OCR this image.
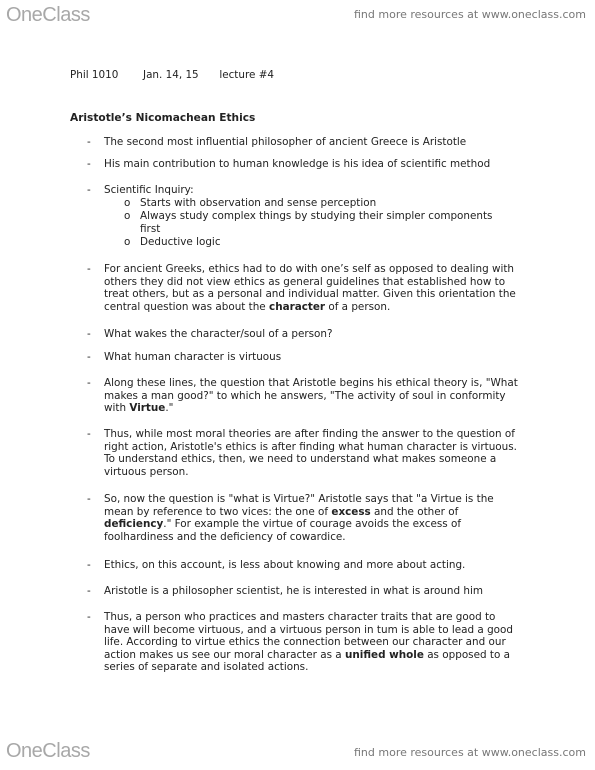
OneClass	find more resources at www.oneclass.com
Phil 1010 Jan. 14, 15 lecture #4
Aristotle’s Nicomachean Ethics
- The second most influential philosopher of ancient Greece is Aristotle
- His main contribution to human knowledge is his idea of scientific method
- Scientific Inquiry:
o Starts with observation and sense perception
o Always study complex things by studying their simpler components first
o Deductive logic
- For ancient Greeks, ethics had to do with one’s self as opposed to dealing with others they did not view ethics as general guidelines that established how to treat others, but as a personal and individual matter. Given this orientation the central question was about the character of a person.
- What wakes the character/soul of a person?
- What human character is virtuous
- Along these lines, the question that Aristotle begins his ethical theory is, "What makes a man good?" to which he answers, "The activity of soul in conformity with Virtue."
- Thus, while most moral theories are after finding the answer to the question of right action, Aristotle's ethics is after finding what human character is virtuous. To understand ethics, then, we need to understand what makes someone a virtuous person.
- So, now the question is "what is Virtue?" Aristotle says that "a Virtue is the mean by reference to two vices: the one of excess and the other of deficiency." For example the virtue of courage avoids the excess of foolhardiness and the deficiency of cowardice.
- Ethics, on this account, is less about knowing and more about acting.
- Aristotle is a philosopher scientist, he is interested in what is around him
- Thus, a person who practices and masters character traits that are good to have will become virtuous, and a virtuous person in tum is able to lead a good life. According to virtue ethics the connection between our character and our action makes us see our moral character as a unified whole as opposed to a series of separate and isolated actions.
OneClass	find more resources at www.oneclass.com
